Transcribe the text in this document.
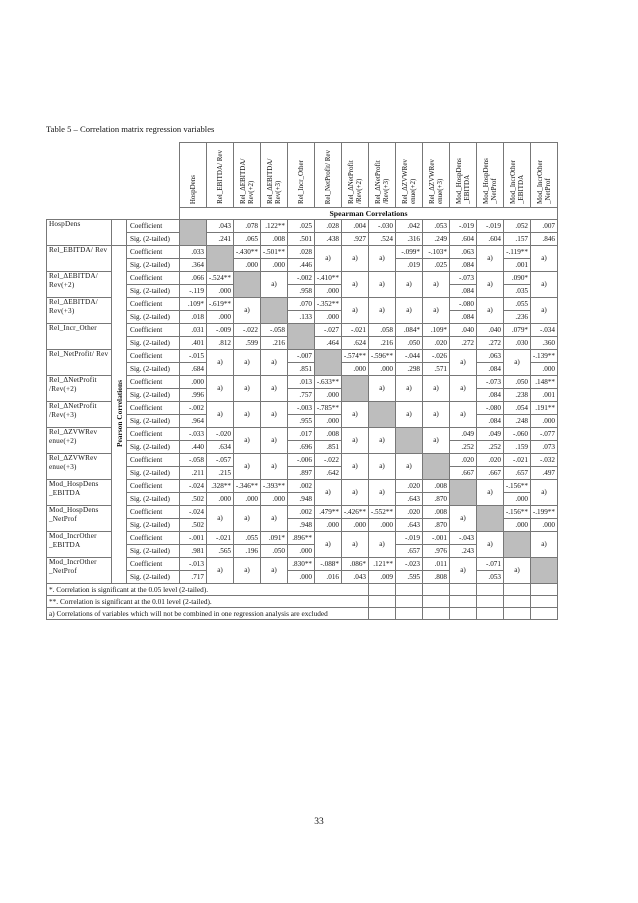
Table 5 – Correlation matrix regression variables
			HospDens	Rel_EBITDA/ Rev	Rel_ΔEBITDA/ Rev(+2)	Rel_ΔEBITDA/ Rev(+3)	Rel_Incr_Other	Rel_NetProfit/ Rev	Rel_ΔNetProfit /Rev(+2)	Rel_ΔNetProfit /Rev(+3)	Rel_ΔZVWRev enue(+2)	Rel_ΔZVWRev enue(+3)	Mod_HospDens _EBITDA	Mod_HospDens _NetProf	Mod_IncrOther _EBITDA	Mod_IncrOther _NetProf
			Spearman Correlations													
HospDens		Coefficient		.043	.078	.122**	.025	.028	.004	-.030	.042	.053	-.019	-.019	.052	.007
		Sig. (2-tailed)		.241	.065	.008	.501	.438	.927	.524	.316	.249	.604	.604	.157	.846
Rel_EBITDA/ Rev	Pearson Correlations	Coefficient	.033		-.430**	-.501**	.028	a)	a)	a)	-.099*	-.103*	.063	a)	-.119**	a)
		Sig. (2-tailed)	.364		.000	.000	.446				.019	.025	.084		.001	
Rel_ΔEBITDA/ Rev(+2)		Coefficient	.066	-.524**		a)	-.002	-.410**	a)	a)	a)	a)	-.073	a)	.090*	a)
		Sig. (2-tailed)	-.119	.000			.958	.000					.084		.035	
Rel_ΔEBITDA/ Rev(+3)		Coefficient	.109*	-.619**	a)		.070	-.352**	a)	a)	a)	a)	-.080	a)	.055	a)
		Sig. (2-tailed)	.018	.000			.133	.000					.084		.236	
Rel_Incr_Other		Coefficient	.031	-.009	-.022	-.058		-.027	-.021	.058	.084*	.109*	.040	.040	.079*	-.034
		Sig. (2-tailed)	.401	.812	.599	.216		.464	.624	.216	.050	.020	.272	.272	.030	.360
Rel_NetProfit/ Rev		Coefficient	-.015	a)	a)	a)	-.007		-.574**	-.596**	-.044	-.026	a)	.063	a)	-.139**
		Sig. (2-tailed)	.684				.851		.000	.000	.298	.571		.084		.000
Rel_ΔNetProfit /Rev(+2)		Coefficient	.000	a)	a)	a)	.013	-.633**		a)	a)	a)	a)	-.073	.050	.148**
		Sig. (2-tailed)	.996				.757	.000						.084	.238	.001
Rel_ΔNetProfit /Rev(+3)		Coefficient	-.002	a)	a)	a)	-.003	-.785**	a)		a)	a)	a)	-.080	.054	.191**
		Sig. (2-tailed)	.964				.955	.000						.084	.248	.000
Rel_ΔZVWRev enue(+2)		Coefficient	-.033	-.020	a)	a)	.017	.008	a)	a)		a)	.049	.049	-.060	-.077
		Sig. (2-tailed)	.440	.634			.696	.851					.252	.252	.159	.073
Rel_ΔZVWRev enue(+3)		Coefficient	-.058	-.057	a)	a)	-.006	-.022	a)	a)	a)		.020	.020	-.021	-.032
		Sig. (2-tailed)	.211	.215			.897	.642					.667	.667	.657	.497
Mod_HospDens _EBITDA		Coefficient	-.024	.328**	-.346**	-.393**	.002	a)	a)	a)	.020	.008		a)	-.156**	a)
		Sig. (2-tailed)	.502	.000	.000	.000	.948				.643	.870			.000	
Mod_HospDens _NetProf		Coefficient	-.024	a)	a)	a)	.002	.479**	-.426**	-.552**	.020	.008	a)		-.156**	-.199**
		Sig. (2-tailed)	.502				.948	.000	.000	.000	.643	.870			.000	.000
Mod_IncrOther _EBITDA		Coefficient	-.001	-.021	.055	.091*	.896**	a)	a)	a)	-.019	-.001	-.043	a)		a)
		Sig. (2-tailed)	.981	.565	.196	.050	.000				.657	.976	.243			
Mod_IncrOther _NetProf		Coefficient	-.013	a)	a)	a)	.830**	-.088*	.086*	.121**	-.023	.011	a)	-.071	a)	
		Sig. (2-tailed)	.717				.000	.016	.043	.009	.595	.808		.053		
*. Correlation is significant at the 0.05 level (2-tailed).																
**. Correlation is significant at the 0.01 level (2-tailed).																
a) Correlations of variables which will not be combined in one regression analysis are excluded																
33
